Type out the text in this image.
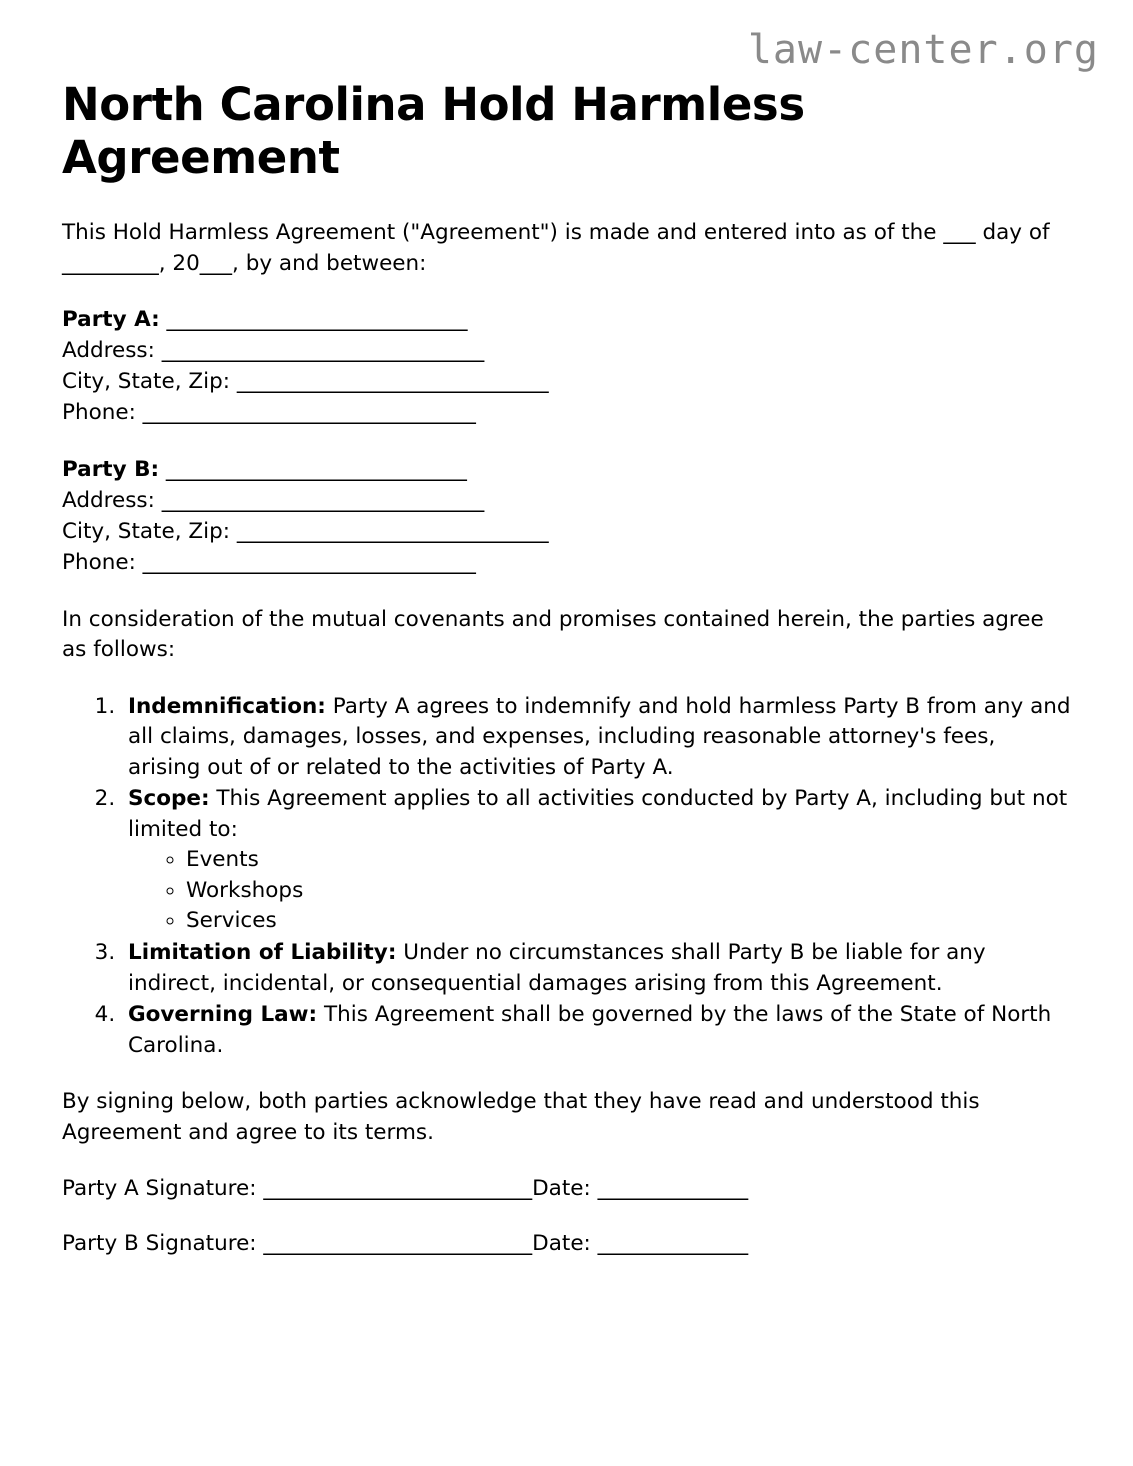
law-center.org
North Carolina Hold Harmless Agreement

This Hold Harmless Agreement ("Agreement") is made and entered into as of the ___ day of _________, 20___, by and between:

Party A: ____________________________
Address: ______________________________
City, State, Zip: _____________________________
Phone: _______________________________
Party B: ____________________________
Address: ______________________________
City, State, Zip: _____________________________
Phone: _______________________________

In consideration of the mutual covenants and promises contained herein, the parties agree as follows:

1. Indemnification: Party A agrees to indemnify and hold harmless Party B from any and all claims, damages, losses, and expenses, including reasonable attorney's fees, arising out of or related to the activities of Party A.
2. Scope: This Agreement applies to all activities conducted by Party A, including but not limited to:
◦ Events
◦ Workshops
◦ Services
3. Limitation of Liability: Under no circumstances shall Party B be liable for any indirect, incidental, or consequential damages arising from this Agreement.
4. Governing Law: This Agreement shall be governed by the laws of the State of North Carolina.

By signing below, both parties acknowledge that they have read and understood this Agreement and agree to its terms.

Party A Signature: _________________________Date: ______________
Party B Signature: _________________________Date: ______________
